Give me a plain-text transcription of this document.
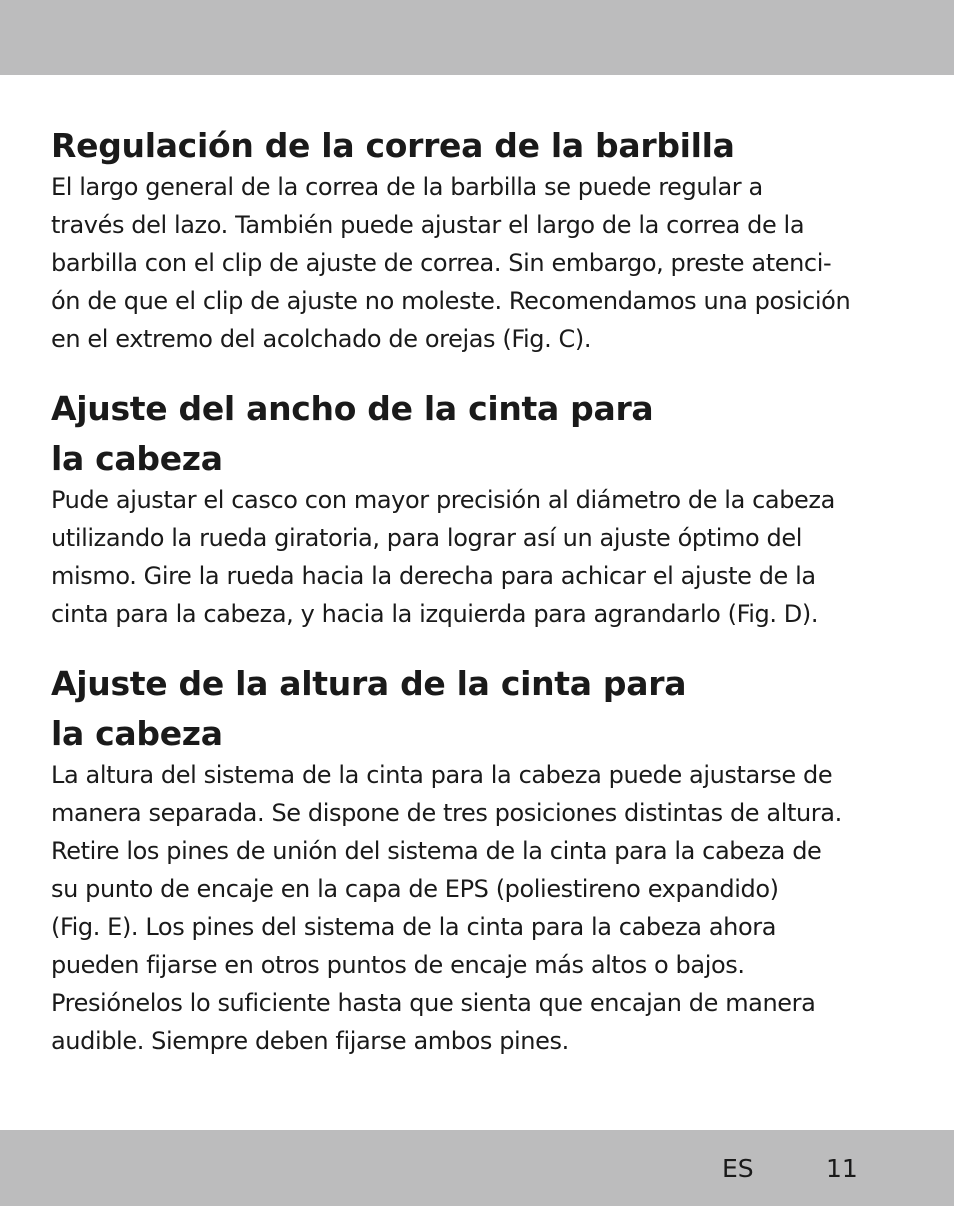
Regulación de la correa de la barbilla

El largo general de la correa de la barbilla se puede regular a
través del lazo. También puede ajustar el largo de la correa de la
barbilla con el clip de ajuste de correa. Sin embargo, preste atenci-
ón de que el clip de ajuste no moleste. Recomendamos una posición
en el extremo del acolchado de orejas (Fig. C).

Ajuste del ancho de la cinta para
la cabeza

Pude ajustar el casco con mayor precisión al diámetro de la cabeza
utilizando la rueda giratoria, para lograr así un ajuste óptimo del
mismo. Gire la rueda hacia la derecha para achicar el ajuste de la
cinta para la cabeza, y hacia la izquierda para agrandarlo (Fig. D).

Ajuste de la altura de la cinta para
la cabeza

La altura del sistema de la cinta para la cabeza puede ajustarse de
manera separada. Se dispone de tres posiciones distintas de altura.
Retire los pines de unión del sistema de la cinta para la cabeza de
su punto de encaje en la capa de EPS (poliestireno expandido)
(Fig. E). Los pines del sistema de la cinta para la cabeza ahora
pueden fijarse en otros puntos de encaje más altos o bajos.
Presiónelos lo suficiente hasta que sienta que encajan de manera
audible. Siempre deben fijarse ambos pines.

ES	11
